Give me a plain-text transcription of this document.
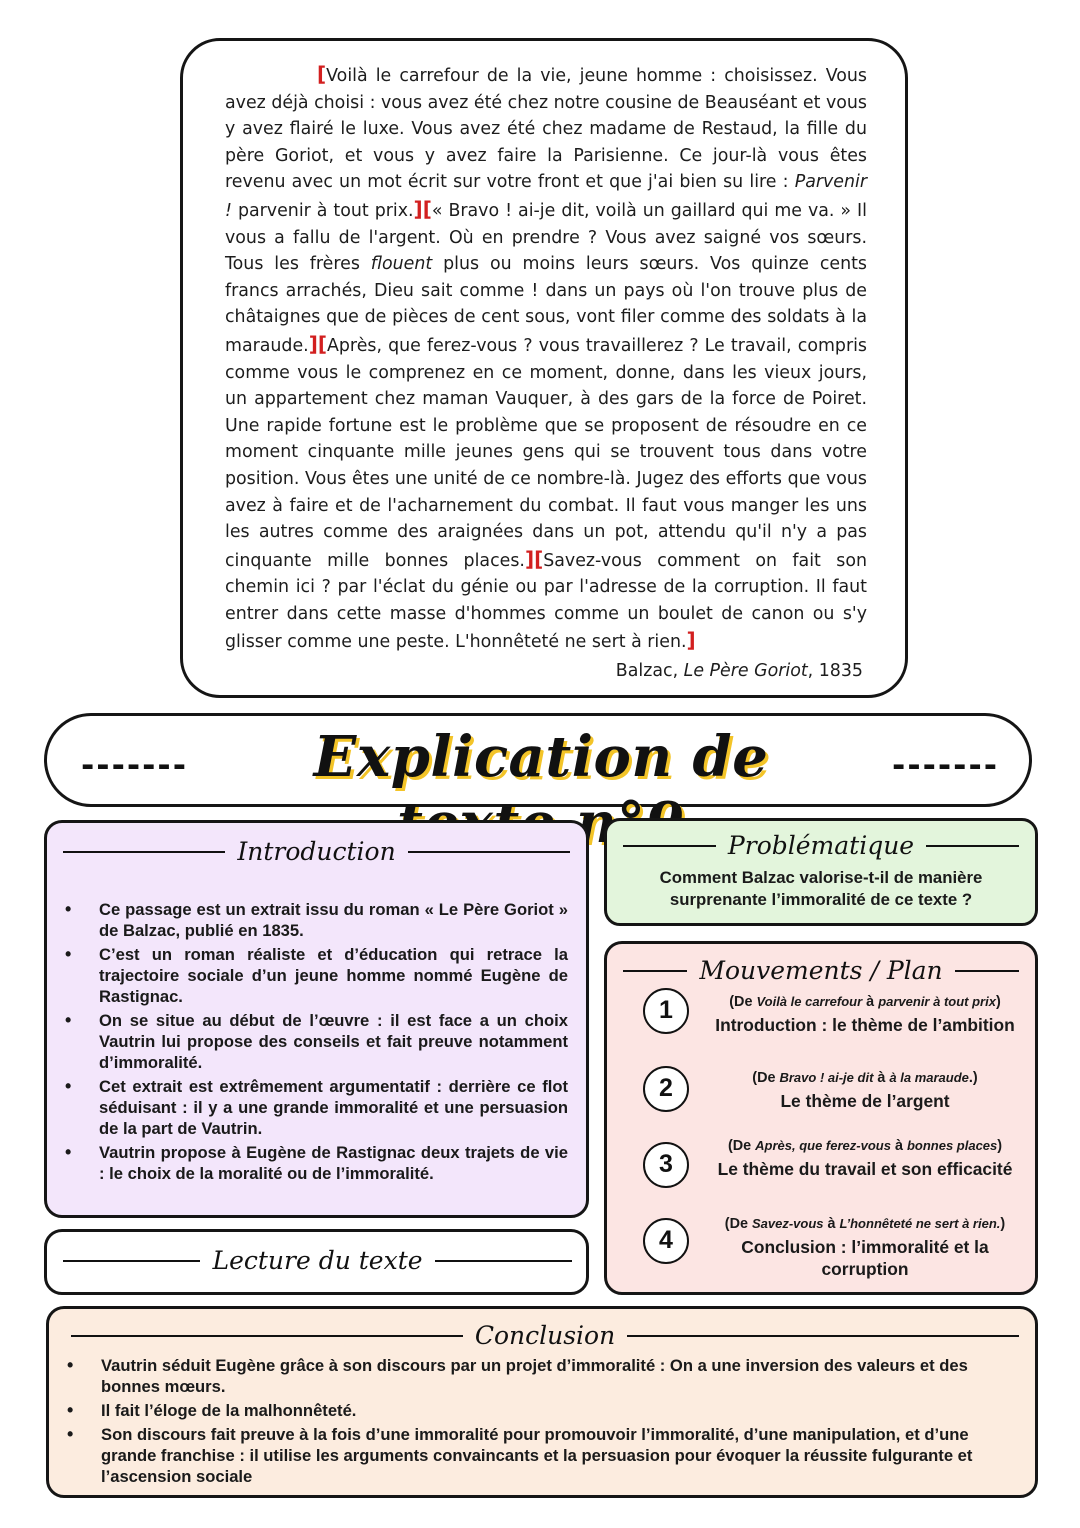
[Voilà le carrefour de la vie, jeune homme : choisissez. Vous avez déjà choisi : vous avez été chez notre cousine de Beauséant et vous y avez flairé le luxe. Vous avez été chez madame de Restaud, la fille du père Goriot, et vous y avez faire la Parisienne. Ce jour-là vous êtes revenu avec un mot écrit sur votre front et que j'ai bien su lire : Parvenir ! parvenir à tout prix.][« Bravo ! ai-je dit, voilà un gaillard qui me va. » Il vous a fallu de l'argent. Où en prendre ? Vous avez saigné vos sœurs. Tous les frères flouent plus ou moins leurs sœurs. Vos quinze cents francs arrachés, Dieu sait comme ! dans un pays où l'on trouve plus de châtaignes que de pièces de cent sous, vont filer comme des soldats à la maraude.][Après, que ferez-vous ? vous travaillerez ? Le travail, compris comme vous le comprenez en ce moment, donne, dans les vieux jours, un appartement chez maman Vauquer, à des gars de la force de Poiret. Une rapide fortune est le problème que se proposent de résoudre en ce moment cinquante mille jeunes gens qui se trouvent tous dans votre position. Vous êtes une unité de ce nombre-là. Jugez des efforts que vous avez à faire et de l'acharnement du combat. Il faut vous manger les uns les autres comme des araignées dans un pot, attendu qu'il n'y a pas cinquante mille bonnes places.][Savez-vous comment on fait son chemin ici ? par l'éclat du génie ou par l'adresse de la corruption. Il faut entrer dans cette masse d'hommes comme un boulet de canon ou s'y glisser comme une peste. L'honnêteté ne sert à rien.]

Balzac, Le Père Goriot, 1835

-------	Explication de	-------
Introduction
• Ce passage est un extrait issu du roman « Le Père Goriot » de Balzac, publié en 1835.
• C’est un roman réaliste et d’éducation qui retrace la trajectoire sociale d’un jeune homme nommé Eugène de Rastignac.
• On se situe au début de l’œuvre : il est face a un choix Vautrin lui propose des conseils et fait preuve notamment d’immoralité.
• Cet extrait est extrêmement argumentatif : derrière ce flot séduisant : il y a une grande immoralité et une persuasion de la part de Vautrin.
• Vautrin propose à Eugène de Rastignac deux trajets de vie : le choix de la moralité ou de l’immoralité.
Lecture du texte
Problématique

Comment Balzac valorise-t-il de manière surprenante l’immoralité de ce texte ?

Mouvements / Plan
1	(De Voilà le carrefour à parvenir à tout prix)
Introduction : le thème de l’ambition
2	(De Bravo ! ai-je dit à à la maraude.)
Le thème de l’argent
3
(De Après, que ferez-vous à bonnes places)
Le thème du travail et son efficacité
4
(De Savez-vous à L’honnêteté ne sert à rien.)
Conclusion : l’immoralité et la corruption
Conclusion
• Vautrin séduit Eugène grâce à son discours par un projet d’immoralité : On a une inversion des valeurs et des bonnes mœurs.
• Il fait l’éloge de la malhonnêteté.
• Son discours fait preuve à la fois d’une immoralité pour promouvoir l’immoralité, d’une manipulation, et d’une grande franchise : il utilise les arguments convaincants et la persuasion pour évoquer la réussite fulgurante et l’ascension sociale
